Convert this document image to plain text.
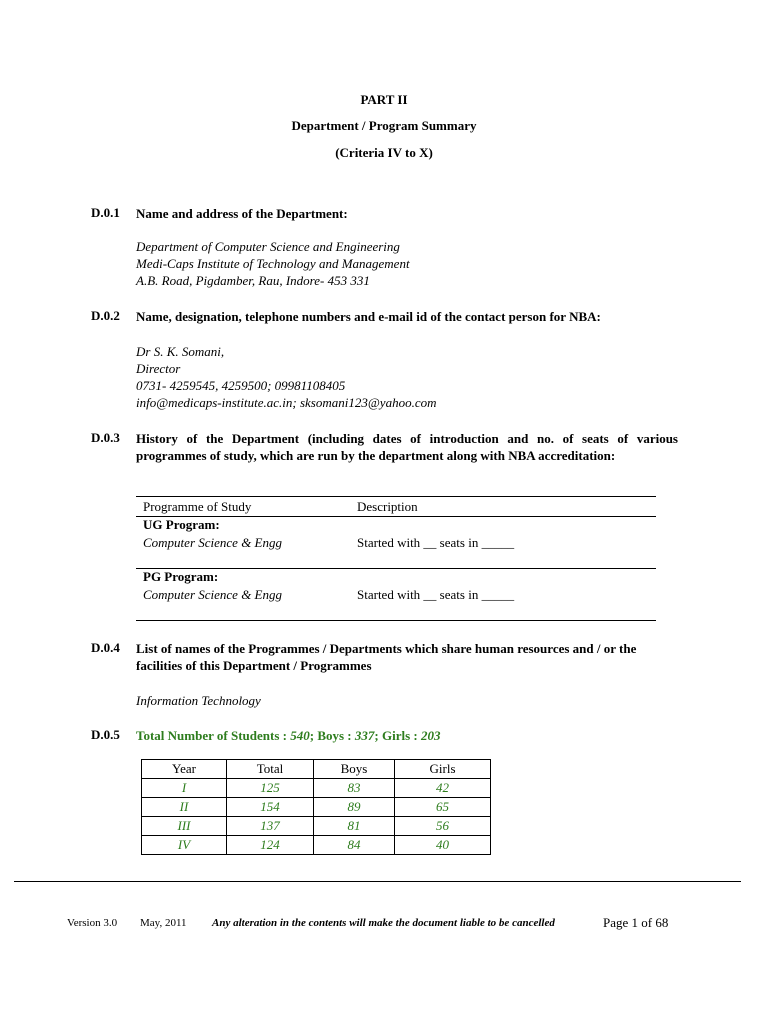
PART II
Department / Program Summary
(Criteria IV to X)
D.0.1 Name and address of the Department:
Department of Computer Science and Engineering
Medi-Caps Institute of Technology and Management
A.B. Road, Pigdamber, Rau, Indore- 453 331
D.0.2 Name, designation, telephone numbers and e-mail id of the contact person for NBA:
Dr S. K. Somani,
Director
0731- 4259545, 4259500; 09981108405
info@medicaps-institute.ac.in; sksomani123@yahoo.com
D.0.3 History of the Department (including dates of introduction and no. of seats of various programmes of study, which are run by the department along with NBA accreditation:
Programme of Study	Description
UG Program:
Computer Science & Engg	Started with __ seats in _____
PG Program:
Computer Science & Engg	Started with __ seats in _____
D.0.4 List of names of the Programmes / Departments which share human resources and / or the facilities of this Department / Programmes
Information Technology
D.0.5 Total Number of Students : 540; Boys : 337; Girls : 203
Year	Total	Boys	Girls
I	125	83	42
II	154	89	65
III	137	81	56
IV	124	84	40
Version 3.0 May, 2011 Any alteration in the contents will make the document liable to be cancelled	Page 1 of 68
